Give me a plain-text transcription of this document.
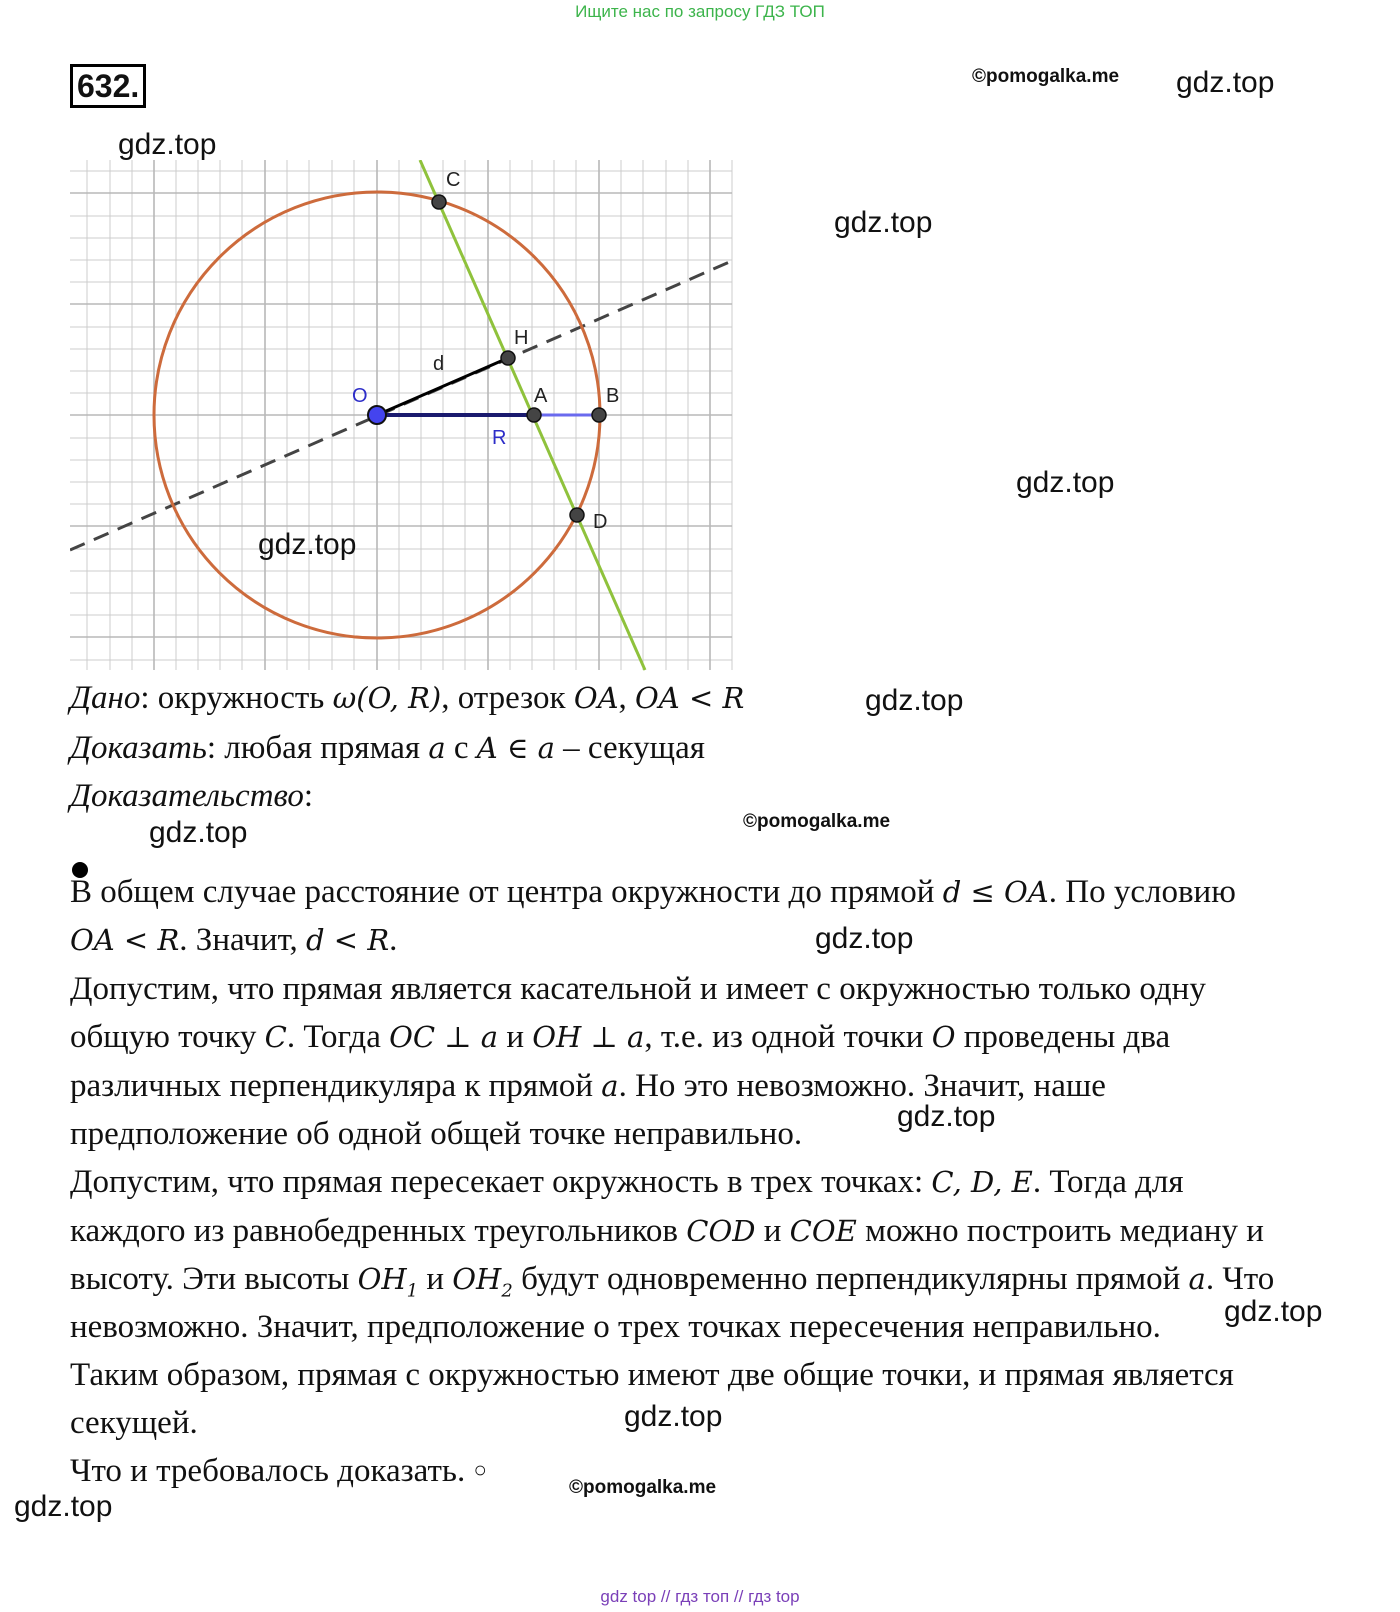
Ищите нас по запросу ГДЗ ТОП
632.	©pomogalka.me
©pomogalka.me
©pomogalka.me
O	A	B
C
D
H
d
R
gdz.top
gdz.top
gdz.top
gdz.top
gdz.top
gdz.top
gdz.top
gdz.top
gdz.top
gdz.top
gdz.top
gdz.top
Дано: окружность ω(O, R), отрезок OA, OA < R
Доказать: любая прямая a с A ∈ a – секущая
Доказательство:
В общем случае расстояние от центра окружности до прямой d ≤ OA. По условию
OA < R. Значит, d < R.
Допустим, что прямая является касательной и имеет с окружностью только одну
общую точку C. Тогда OC ⊥ a и OH ⊥ a, т.е. из одной точки O проведены два
различных перпендикуляра к прямой a. Но это невозможно. Значит, наше
предположение об одной общей точке неправильно.
Допустим, что прямая пересекает окружность в трех точках: C, D, E. Тогда для
каждого из равнобедренных треугольников COD и COE можно построить медиану и
высоту. Эти высоты $OH_1$ и $OH_2$ будут одновременно перпендикулярны прямой a. Что
невозможно. Значит, предположение о трех точках пересечения неправильно.
Таким образом, прямая с окружностью имеют две общие точки, и прямая является
секущей.
Что и требовалось доказать. ○
gdz top // гдз топ // гдз top
